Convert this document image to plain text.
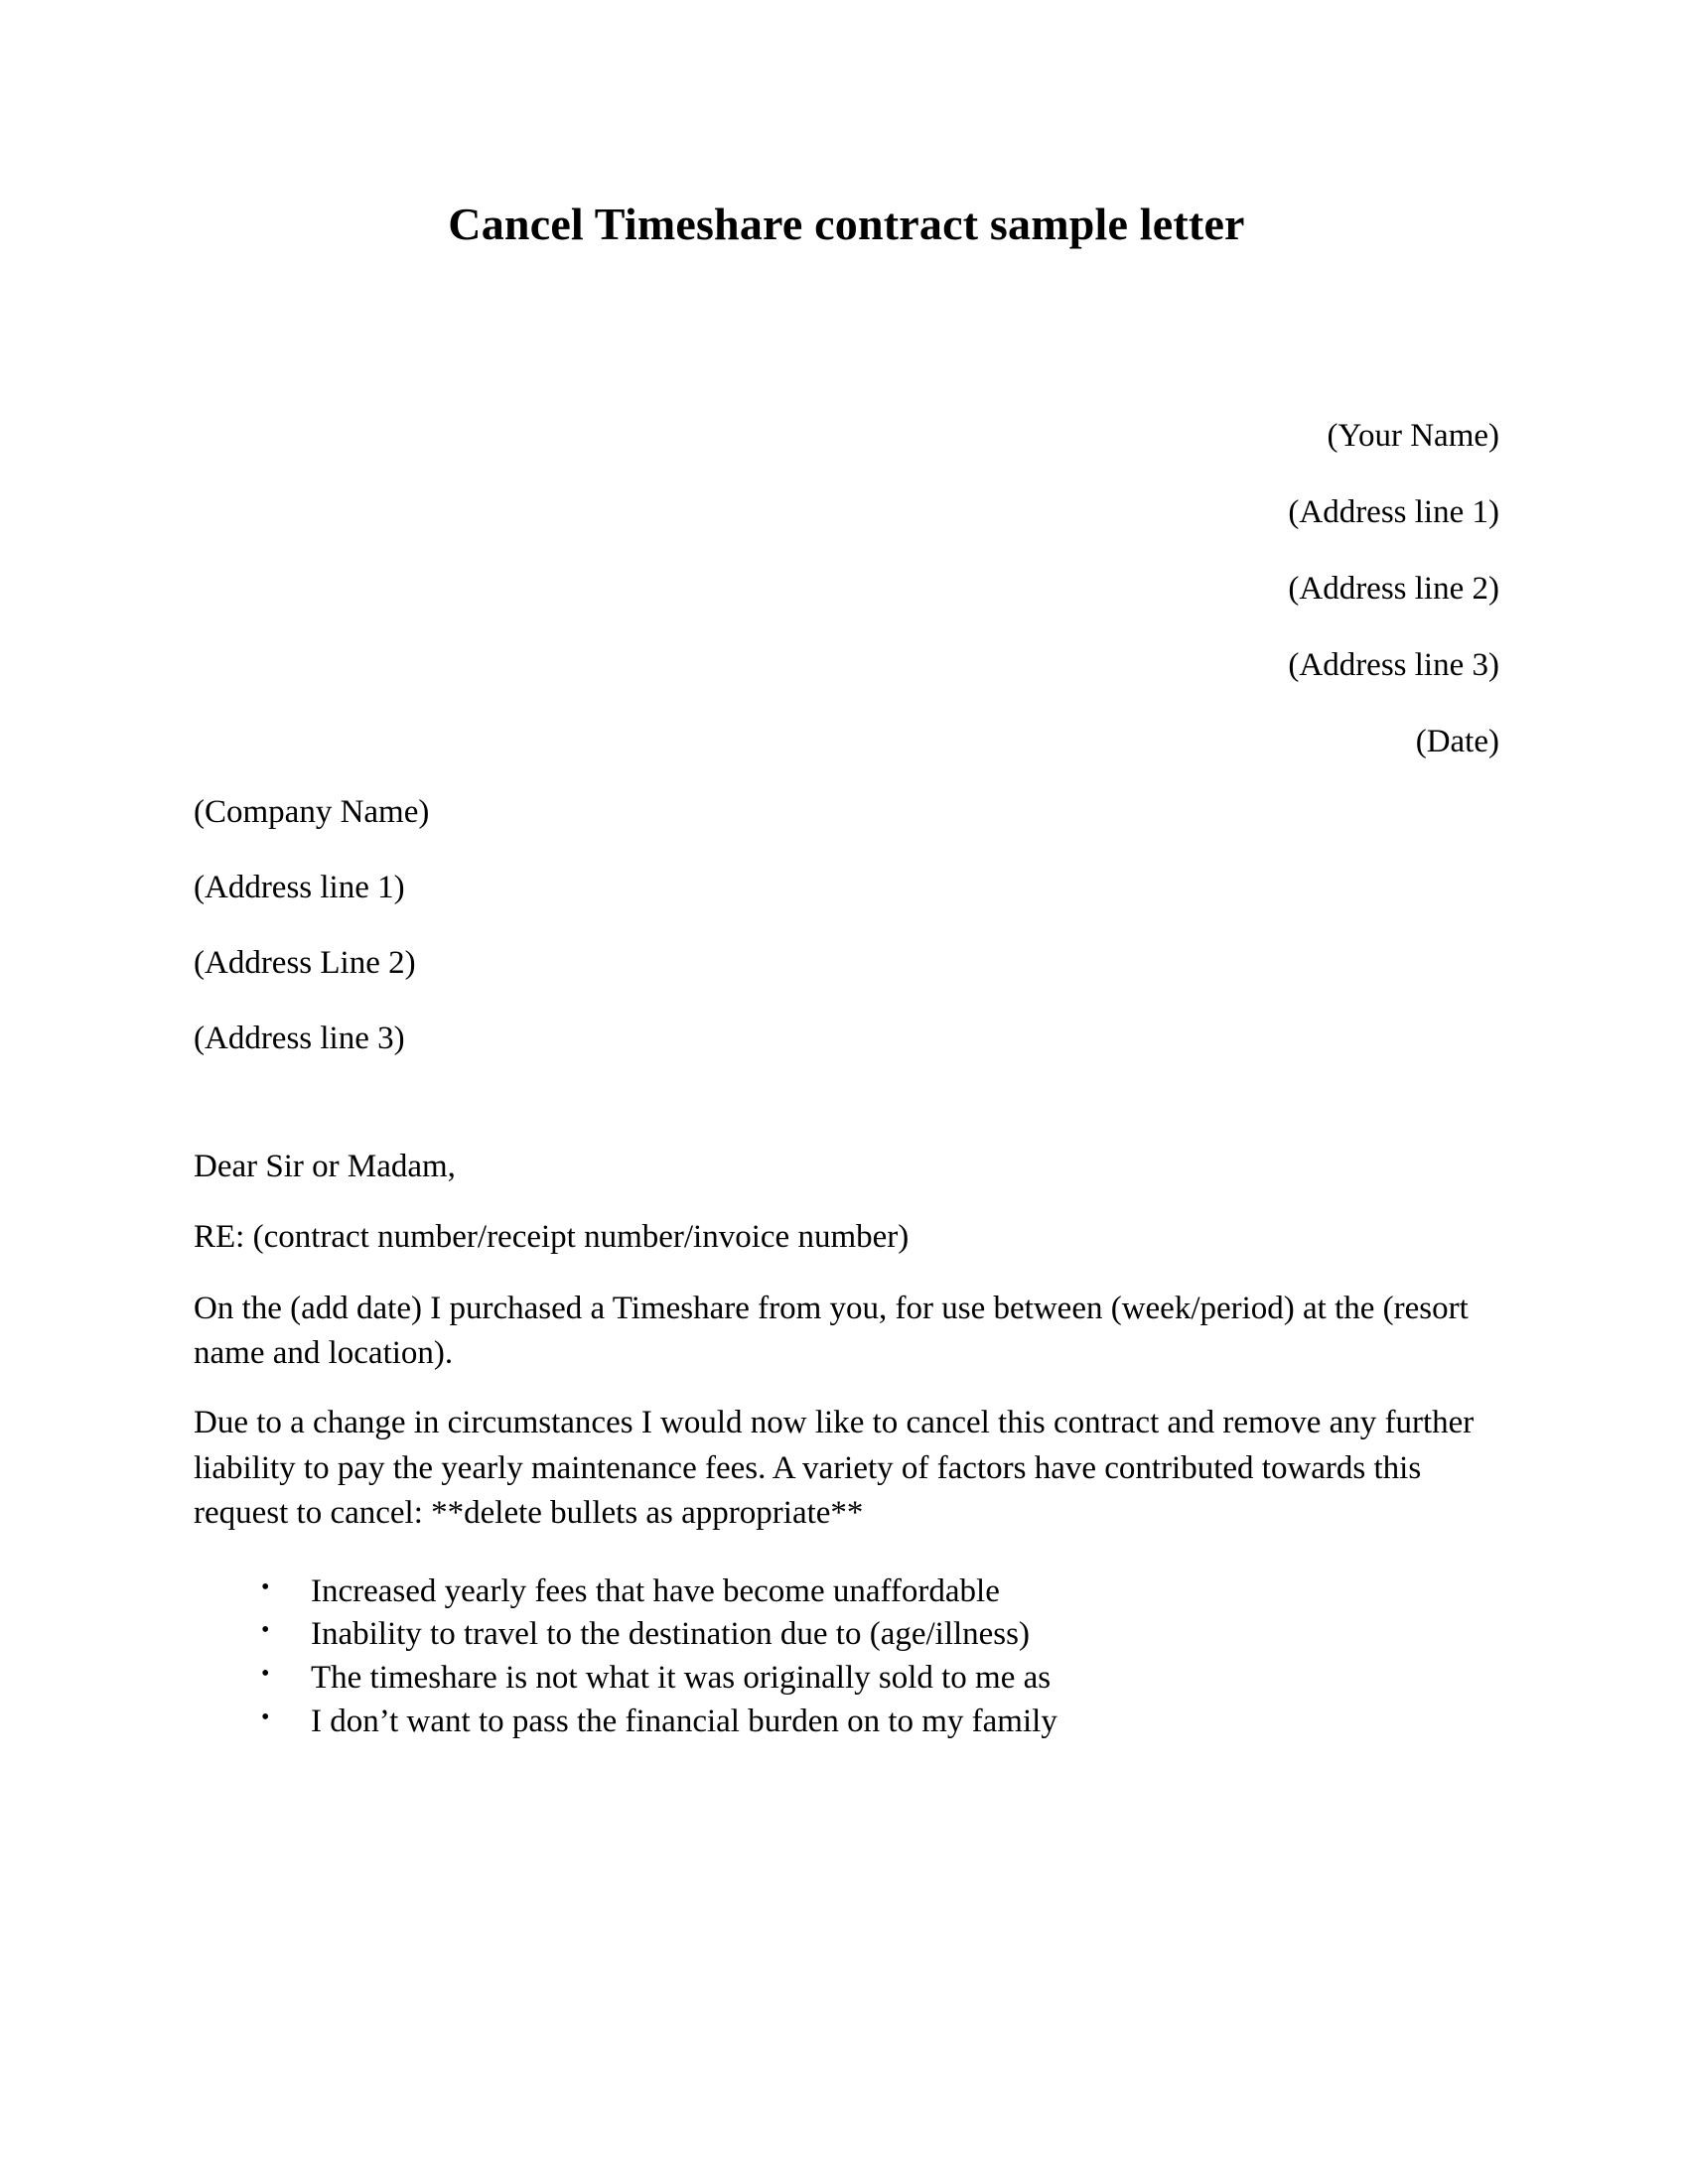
Cancel Timeshare contract sample letter
(Your Name)
(Address line 1)
(Address line 2)
(Address line 3)
(Date)
(Company Name)
(Address line 1)
(Address Line 2)
(Address line 3)

Dear Sir or Madam,

RE: (contract number/receipt number/invoice number)

On the (add date) I purchased a Timeshare from you, for use between (week/period) at the (resort name and location).

Due to a change in circumstances I would now like to cancel this contract and remove any further liability to pay the yearly maintenance fees. A variety of factors have contributed towards this request to cancel: **delete bullets as appropriate**

• Increased yearly fees that have become unaffordable
• Inability to travel to the destination due to (age/illness)
• The timeshare is not what it was originally sold to me as
• I don’t want to pass the financial burden on to my family
